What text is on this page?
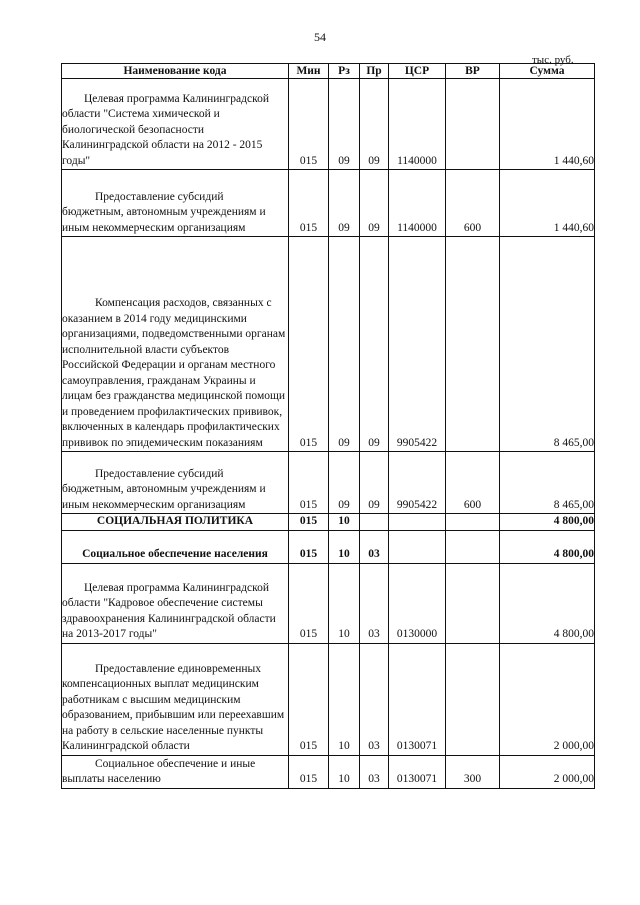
54
тыс. руб.
Наименование кода	Мин	Рз	Пр	ЦСР	ВР	Сумма

Целевая программа Калининградской области "Система химической и биологической безопасности Калининградской области на 2012 - 2015 годы"	015	09	09	1140000		1 440,60

Предоставление субсидий бюджетным, автономным учреждениям и иным некоммерческим организациям	015	09	09	1140000	600	1 440,60

Компенсация расходов, связанных с оказанием в 2014 году медицинскими организациями, подведомственными органам исполнительной власти субъектов Российской Федерации и органам местного самоуправления, гражданам Украины и лицам без гражданства медицинской помощи и проведением профилактических прививок, включенных в календарь профилактических прививок по эпидемическим показаниям	015	09	09	9905422		8 465,00

Предоставление субсидий бюджетным, автономным учреждениям и иным некоммерческим организациям	015	09	09	9905422	600	8 465,00

СОЦИАЛЬНАЯ ПОЛИТИКА	015	10				4 800,00

Социальное обеспечение населения	015	10	03			4 800,00

Целевая программа Калининградской области "Кадровое обеспечение системы здравоохранения Калининградской области на 2013-2017 годы"	015	10	03	0130000		4 800,00

Предоставление единовременных компенсационных выплат медицинским работникам с высшим медицинским образованием, прибывшим или переехавшим на работу в сельские населенные пункты Калининградской области	015	10	03	0130071		2 000,00

Социальное обеспечение и иные выплаты населению	015	10	03	0130071	300	2 000,00
